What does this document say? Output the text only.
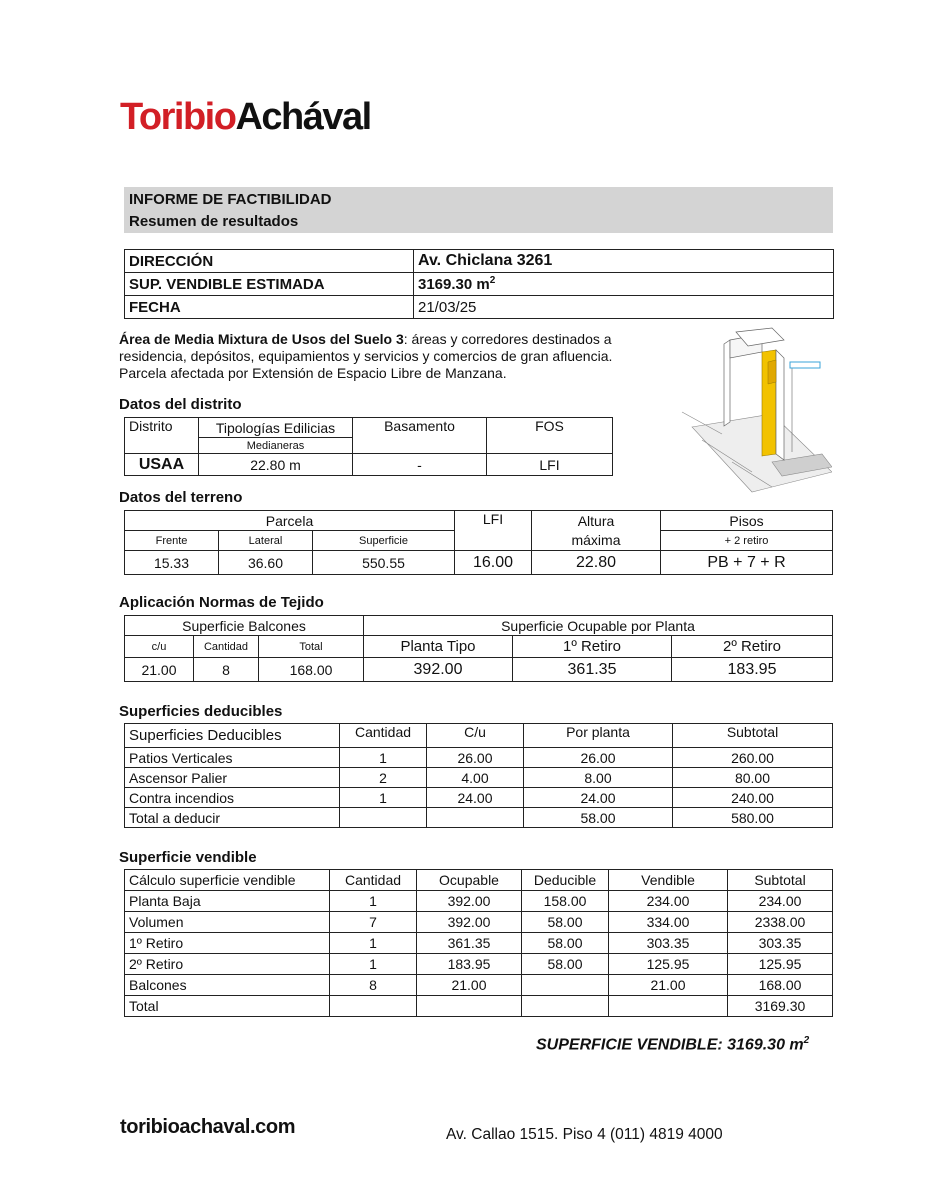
ToribioAchával
INFORME DE FACTIBILIDAD
Resumen de resultados
DIRECCIÓN	Av. Chiclana 3261
SUP. VENDIBLE ESTIMADA	3169.30 $m^2$
FECHA	21/03/25
Área de Media Mixtura de Usos del Suelo 3: áreas y corredores destinados a residencia, depósitos, equipamientos y servicios y comercios de gran afluencia.
Parcela afectada por Extensión de Espacio Libre de Manzana.
Datos del distrito
Distrito	Tipologías Edilicias	Basamento	FOS
	Medianeras		
USAA	22.80 m	-	LFI
Datos del terreno
Parcela			LFI	Altura	Pisos
Frente	Lateral	Superficie		máxima	+ 2 retiro
15.33	36.60	550.55	16.00	22.80	PB + 7 + R
Aplicación Normas de Tejido
Superficie Balcones			Superficie Ocupable por Planta		
c/u	Cantidad	Total	Planta Tipo	1º Retiro	2º Retiro
21.00	8	168.00	392.00	361.35	183.95
Superficies deducibles
Superficies Deducibles	Cantidad	C/u	Por planta	Subtotal
Patios Verticales	1	26.00	26.00	260.00
Ascensor Palier	2	4.00	8.00	80.00
Contra incendios	1	24.00	24.00	240.00
Total a deducir			58.00	580.00
Superficie vendible
Cálculo superficie vendible	Cantidad	Ocupable	Deducible	Vendible	Subtotal
Planta Baja	1	392.00	158.00	234.00	234.00
Volumen	7	392.00	58.00	334.00	2338.00
1º Retiro	1	361.35	58.00	303.35	303.35
2º Retiro	1	183.95	58.00	125.95	125.95
Balcones	8	21.00		21.00	168.00
Total					3169.30
SUPERFICIE VENDIBLE: 3169.30 $m^2$
toribioachaval.com	Av. Callao 1515. Piso 4 (011) 4819 4000
